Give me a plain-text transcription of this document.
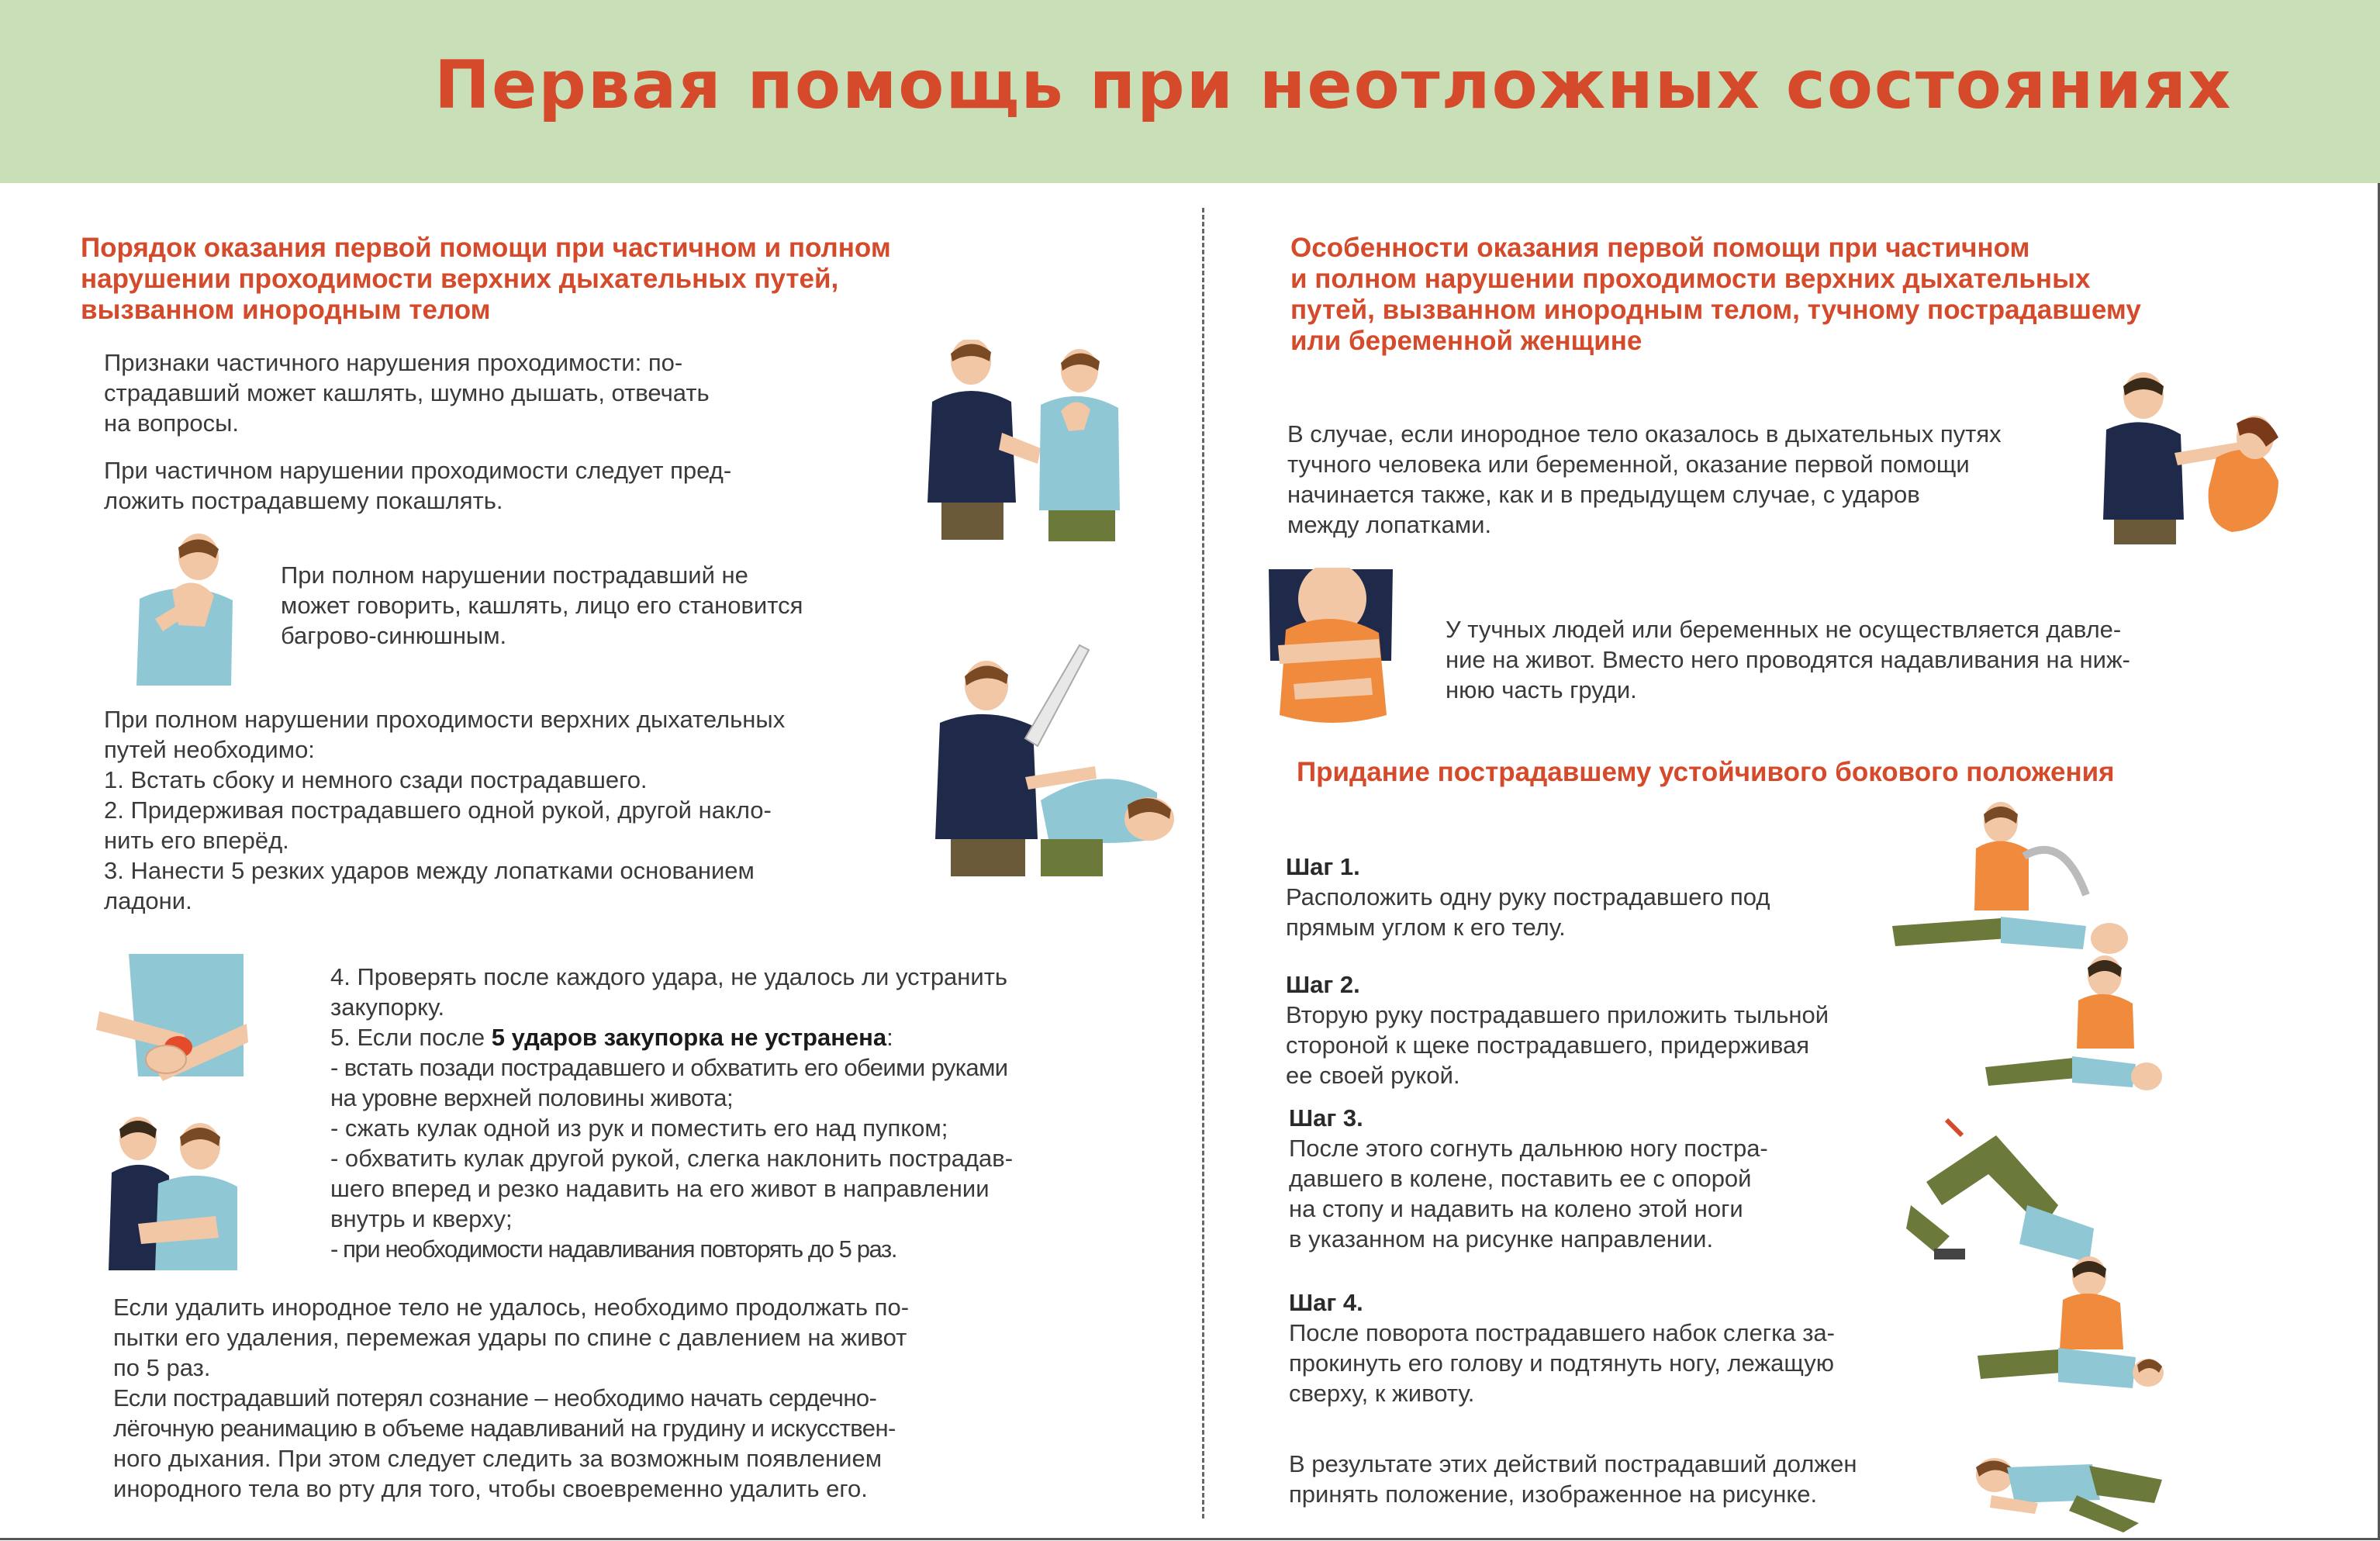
Первая помощь при неотложных состояниях
Порядок оказания первой помощи при частичном и полном
нарушении проходимости верхних дыхательных путей,
вызванном инородным телом

Признаки частичного нарушения проходимости: по-

страдавший может кашлять, шумно дышать, отвечать

на вопросы.

При частичном нарушении проходимости следует пред-

ложить пострадавшему покашлять.

При полном нарушении пострадавший не

может говорить, кашлять, лицо его становится

багрово-синюшным.

При полном нарушении проходимости верхних дыхательных

путей необходимо:

1. Встать сбоку и немного сзади пострадавшего.

2. Придерживая пострадавшего одной рукой, другой накло-

нить его вперёд.

3. Нанести 5 резких ударов между лопатками основанием

ладони.

4. Проверять после каждого удара, не удалось ли устранить

закупорку.

5. Если после 5 ударов закупорка не устранена:

- встать позади пострадавшего и обхватить его обеими руками

на уровне верхней половины живота;

- сжать кулак одной из рук и поместить его над пупком;

- обхватить кулак другой рукой, слегка наклонить пострадав-

шего вперед и резко надавить на его живот в направлении

внутрь и кверху;

- при необходимости надавливания повторять до 5 раз.

Если удалить инородное тело не удалось, необходимо продолжать по-

пытки его удаления, перемежая удары по спине с давлением на живот

по 5 раз.

Если пострадавший потерял сознание – необходимо начать сердечно-

лёгочную реанимацию в объеме надавливаний на грудину и искусствен-

ного дыхания. При этом следует следить за возможным появлением

инородного тела во рту для того, чтобы своевременно удалить его.

Особенности оказания первой помощи при частичном
и полном нарушении проходимости верхних дыхательных
путей, вызванном инородным телом, тучному пострадавшему
или беременной женщине

В случае, если инородное тело оказалось в дыхательных путях

тучного человека или беременной, оказание первой помощи

начинается также, как и в предыдущем случае, с ударов

между лопатками.

У тучных людей или беременных не осуществляется давле-

ние на живот. Вместо него проводятся надавливания на ниж-

нюю часть груди.

Придание пострадавшему устойчивого бокового положения

Шаг 1.

Расположить одну руку пострадавшего под

прямым углом к его телу.

Шаг 2.

Вторую руку пострадавшего приложить тыльной

стороной к щеке пострадавшего, придерживая

ее своей рукой.

Шаг 3.

После этого согнуть дальнюю ногу постра-

давшего в колене, поставить ее с опорой

на стопу и надавить на колено этой ноги

в указанном на рисунке направлении.

Шаг 4.

После поворота пострадавшего набок слегка за-

прокинуть его голову и подтянуть ногу, лежащую

сверху, к животу.

В результате этих действий пострадавший должен

принять положение, изображенное на рисунке.
